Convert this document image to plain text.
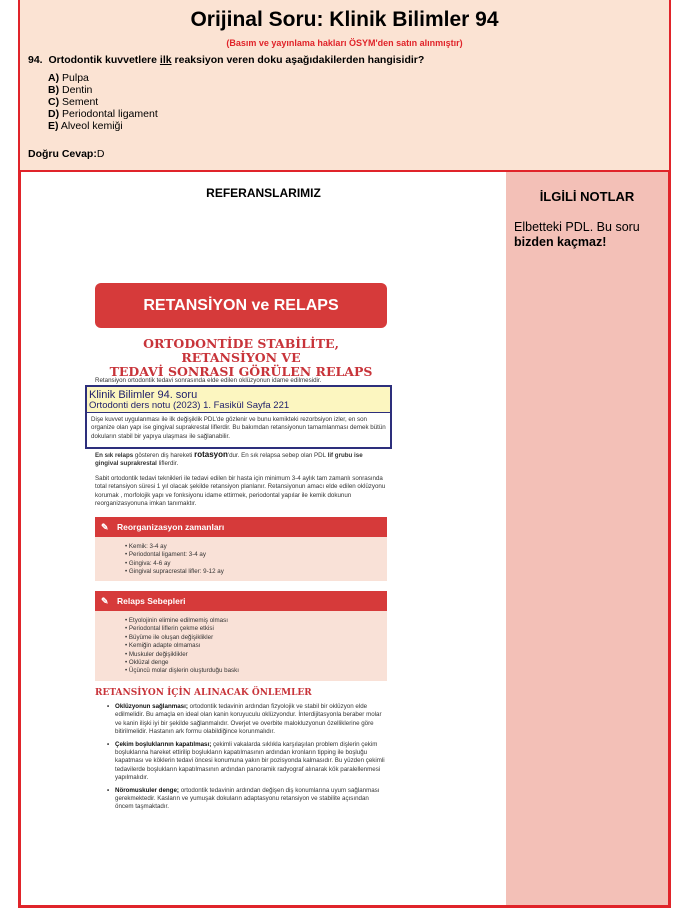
Orijinal Soru: Klinik Bilimler 94
(Basım ve yayınlama hakları ÖSYM'den satın alınmıştır)
94. Ortodontik kuvvetlere ilk reaksiyon veren doku aşağıdakilerden hangisidir?
A) Pulpa
B) Dentin
C) Sement
D) Periodontal ligament
E) Alveol kemiği
Doğru Cevap:D
REFERANSLARIMIZ
RETANSİYON ve RELAPS
ORTODONTİDE STABİLİTE, RETANSİYON VE
TEDAVİ SONRASI GÖRÜLEN RELAPS
Retansiyon ortodontik tedavi sonrasında elde edilen oklüzyonun idame edilmesidir.
Klinik Bilimler 94. soru
Ortodonti ders notu (2023) 1. Fasikül Sayfa 221
Dişe kuvvet uygulanması ile ilk değişiklik PDL'de gözlenir ve bunu kemikteki rezorbsiyon izler, en son organize olan yapı ise gingival suprakrestal liflerdir. Bu bakımdan retansiyonun tamamlanması demek bütün dokuların stabil bir yapıya ulaşması ile sağlanabilir.
En sık relaps gösteren diş hareketi rotasyon'dur. En sık relapsa sebep olan PDL lif grubu ise gingival suprakrestal liflerdir.
Sabit ortodontik tedavi teknikleri ile tedavi edilen bir hasta için minimum 3-4 aylık tam zamanlı sonrasında total retansiyon süresi 1 yıl olacak şekilde retansiyon planlanır. Retansiyonun amacı elde edilen oklüzyonu korumak , morfolojik yapı ve fonksiyonu idame ettirmek, periodontal yapılar ile kemik dokunun reorganizasyonuna imkan tanımaktır.
✎ Reorganizasyon zamanları
• Kemik: 3-4 ay
• Periodontal ligament: 3-4 ay
• Gingiva: 4-6 ay
• Gingival supracrestal lifler: 9-12 ay
✎ Relaps Sebepleri
• Etyolojinin elimine edilmemiş olması
• Periodontal liflerin çekme etkisi
• Büyüme ile oluşan değişiklikler
• Kemiğin adapte olmaması
• Muskuler değişiklikler
• Oklüzal denge
• Üçüncü molar dişlerin oluşturduğu baskı
RETANSİYON İÇİN ALINACAK ÖNLEMLER
• Oklüzyonun sağlanması; ortodontik tedavinin ardından fizyolojik ve stabil bir oklüzyon elde edilmelidir. Bu amaçla en ideal olan kanin koruyuculu oklüzyondur. İnterdijitasyonla beraber molar ve kanin ilişki iyi bir şekilde sağlanmalıdır. Overjet ve overbite malokluzyonun özelliklerine göre bitirilmelidir. Hastanın ark formu olabildiğince korunmalıdır.
• Çekim boşluklarının kapatılması; çekimli vakalarda sıklıkla karşılaşılan problem dişlerin çekim boşluklarına hareket ettirilip boşlukların kapatılmasının ardından kronların tipping ile boşluğu kapatması ve köklerin tedavi öncesi konumuna yakın bir pozisyonda kalmasıdır. Bu yüzden çekimli tedavilerde boşlukların kapatılmasının ardından panoramik radyograf alınarak kök paralellenmesi yapılmalıdır.
• Nöromuskuler denge; ortodontik tedavinin ardından değişen diş konumlarına uyum sağlanması gerekmektedir. Kasların ve yumuşak dokuların adaptasyonu retansiyon ve stabilite açısından öncem taşmaktadır.
İLGİLİ NOTLAR
Elbetteki PDL. Bu soru
bizden kaçmaz!
